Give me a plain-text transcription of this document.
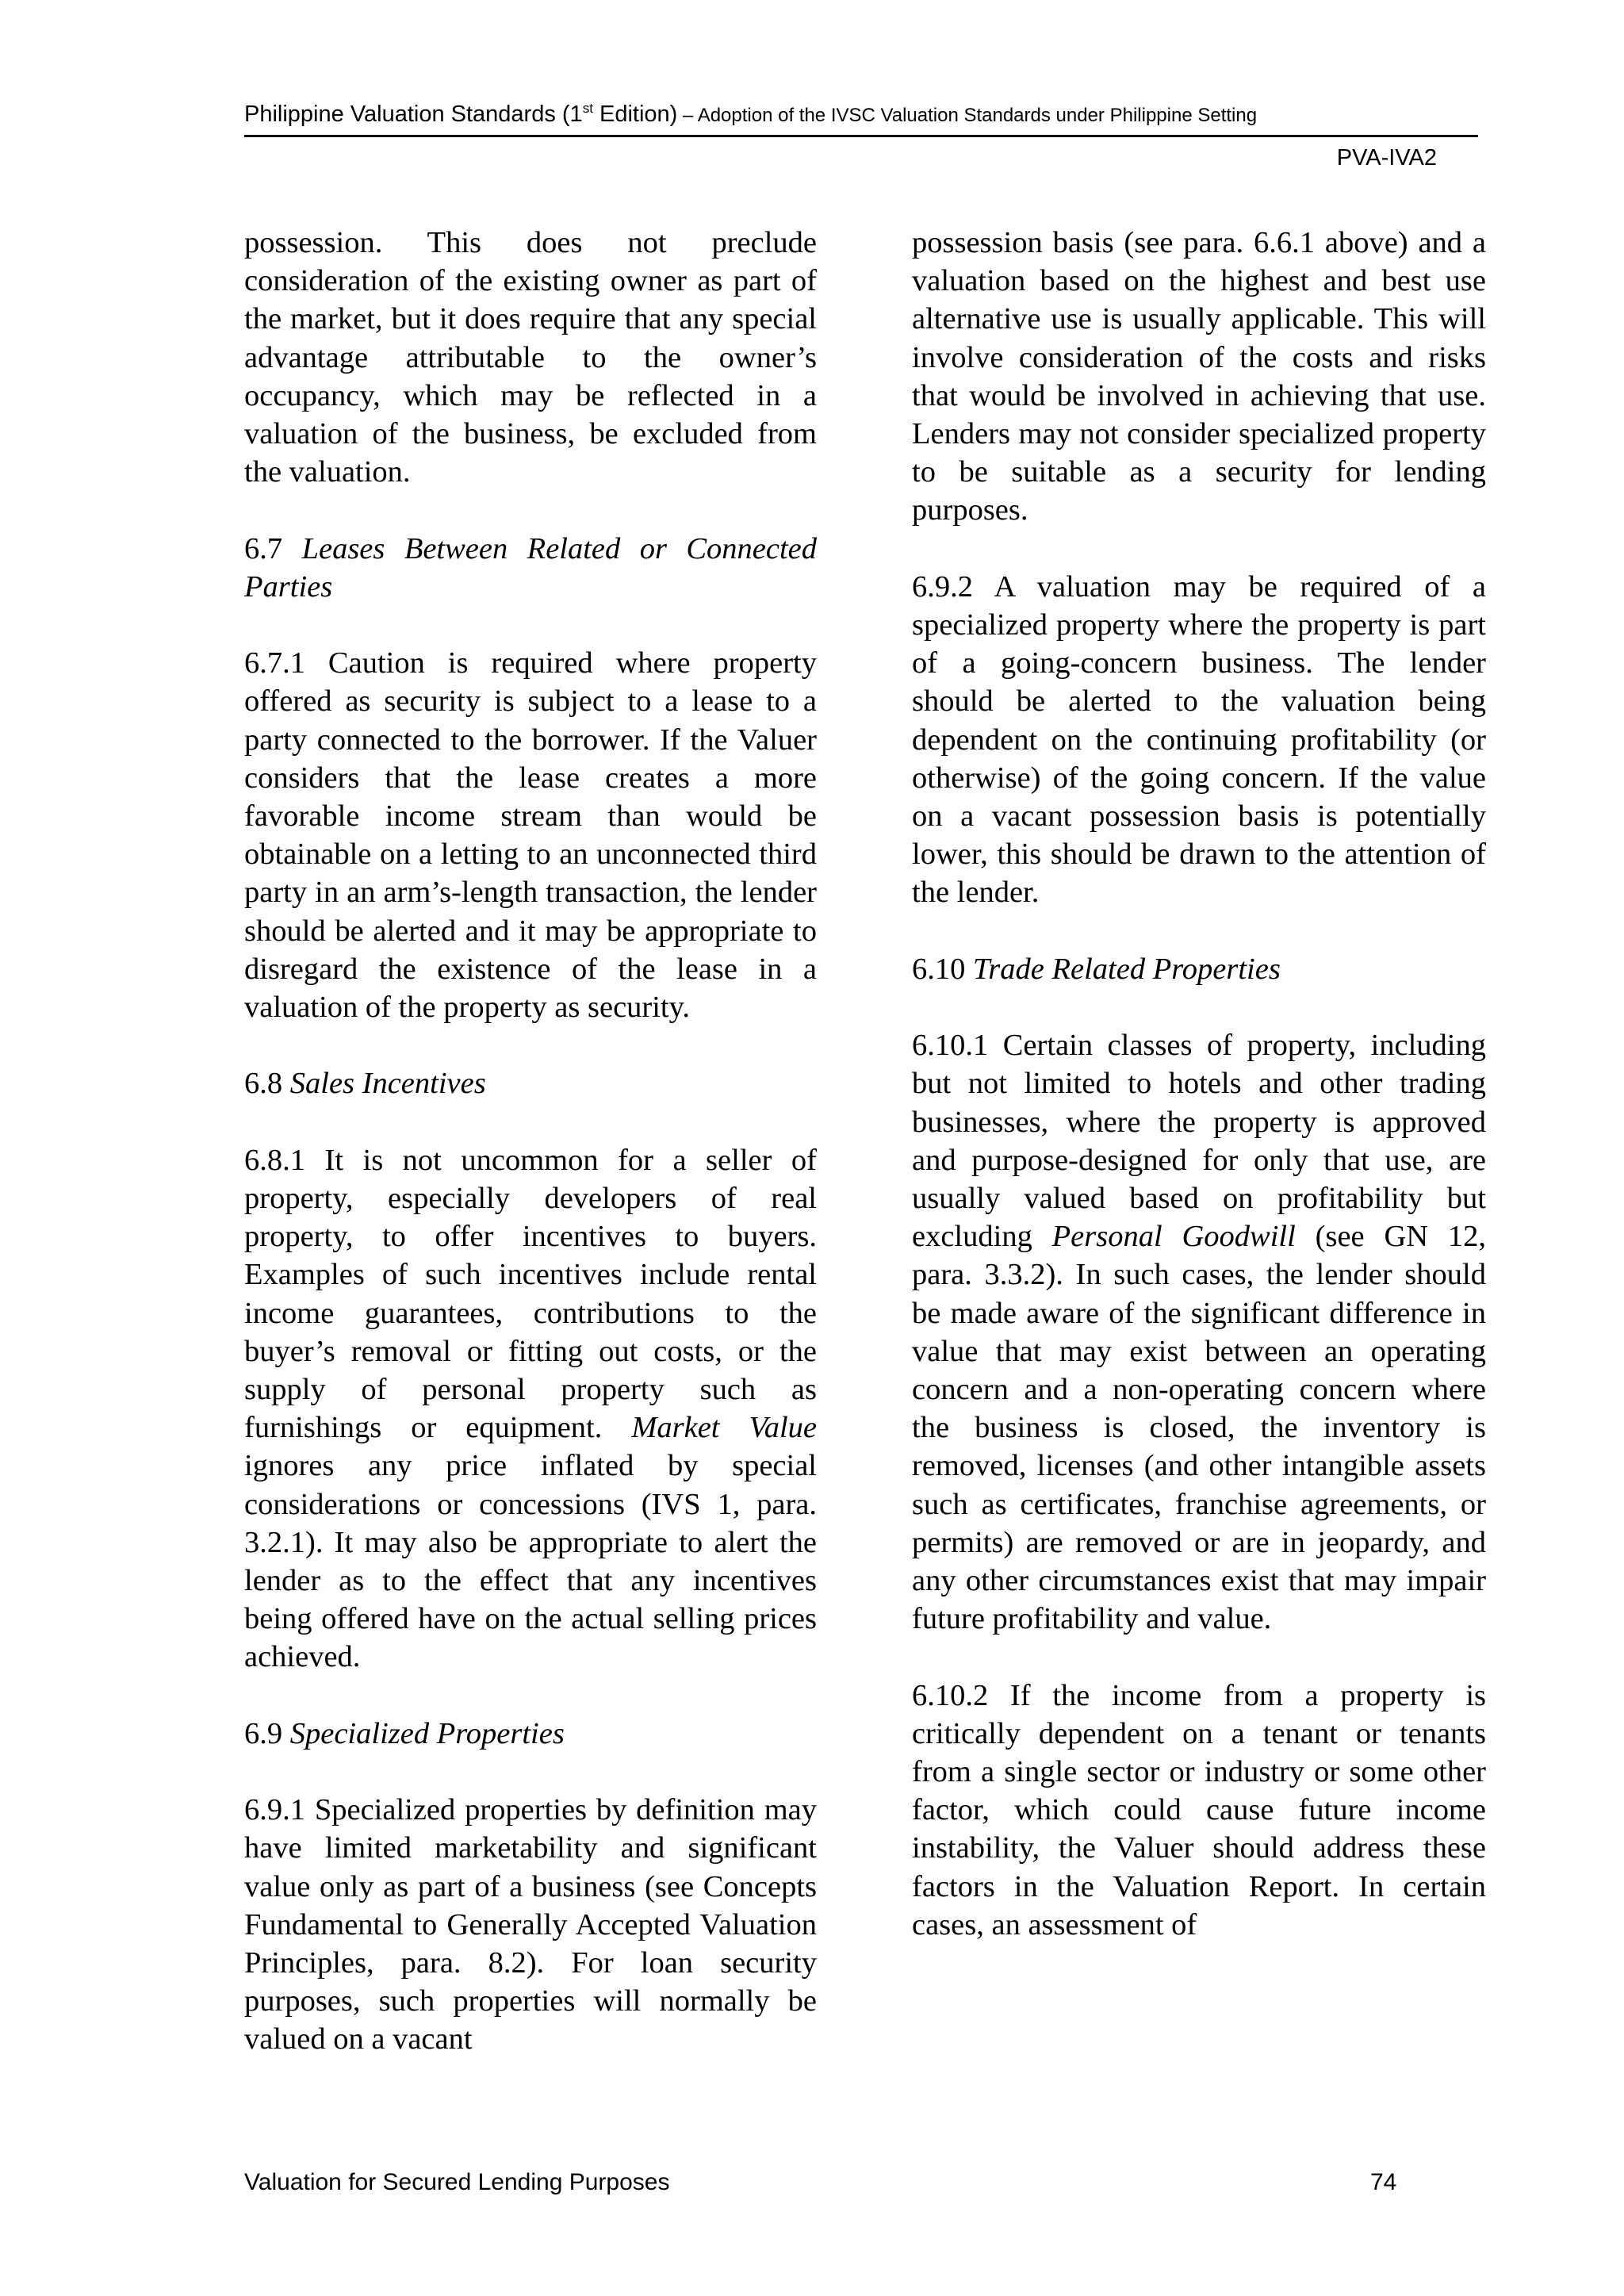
Philippine Valuation Standards (1st Edition) – Adoption of the IVSC Valuation Standards under Philippine Setting
PVA-IVA2

possession. This does not preclude consideration of the existing owner as part of the market, but it does require that any special advantage attributable to the owner’s occupancy, which may be reflected in a valuation of the business, be excluded from the valuation.

6.7 Leases Between Related or Connected Parties

6.7.1 Caution is required where property offered as security is subject to a lease to a party connected to the borrower. If the Valuer considers that the lease creates a more favorable income stream than would be obtainable on a letting to an unconnected third party in an arm’s-length transaction, the lender should be alerted and it may be appropriate to disregard the existence of the lease in a valuation of the property as security.

6.8 Sales Incentives

6.8.1 It is not uncommon for a seller of property, especially developers of real property, to offer incentives to buyers. Examples of such incentives include rental income guarantees, contributions to the buyer’s removal or fitting out costs, or the supply of personal property such as furnishings or equipment. Market Value ignores any price inflated by special considerations or concessions (IVS 1, para. 3.2.1). It may also be appropriate to alert the lender as to the effect that any incentives being offered have on the actual selling prices achieved.

6.9 Specialized Properties

6.9.1 Specialized properties by definition may have limited marketability and significant value only as part of a business (see Concepts Fundamental to Generally Accepted Valuation Principles, para. 8.2). For loan security purposes, such properties will normally be valued on a vacant

possession basis (see para. 6.6.1 above) and a valuation based on the highest and best use alternative use is usually applicable. This will involve consideration of the costs and risks that would be involved in achieving that use. Lenders may not consider specialized property to be suitable as a security for lending purposes.

6.9.2 A valuation may be required of a specialized property where the property is part of a going-concern business. The lender should be alerted to the valuation being dependent on the continuing profitability (or otherwise) of the going concern. If the value on a vacant possession basis is potentially lower, this should be drawn to the attention of the lender.

6.10 Trade Related Properties

6.10.1 Certain classes of property, including but not limited to hotels and other trading businesses, where the property is approved and purpose-designed for only that use, are usually valued based on profitability but excluding Personal Goodwill (see GN 12, para. 3.3.2). In such cases, the lender should be made aware of the significant difference in value that may exist between an operating concern and a non-operating concern where the business is closed, the inventory is removed, licenses (and other intangible assets such as certificates, franchise agreements, or permits) are removed or are in jeopardy, and any other circumstances exist that may impair future profitability and value.

6.10.2 If the income from a property is critically dependent on a tenant or tenants from a single sector or industry or some other factor, which could cause future income instability, the Valuer should address these factors in the Valuation Report. In certain cases, an assessment of

Valuation for Secured Lending Purposes	74
